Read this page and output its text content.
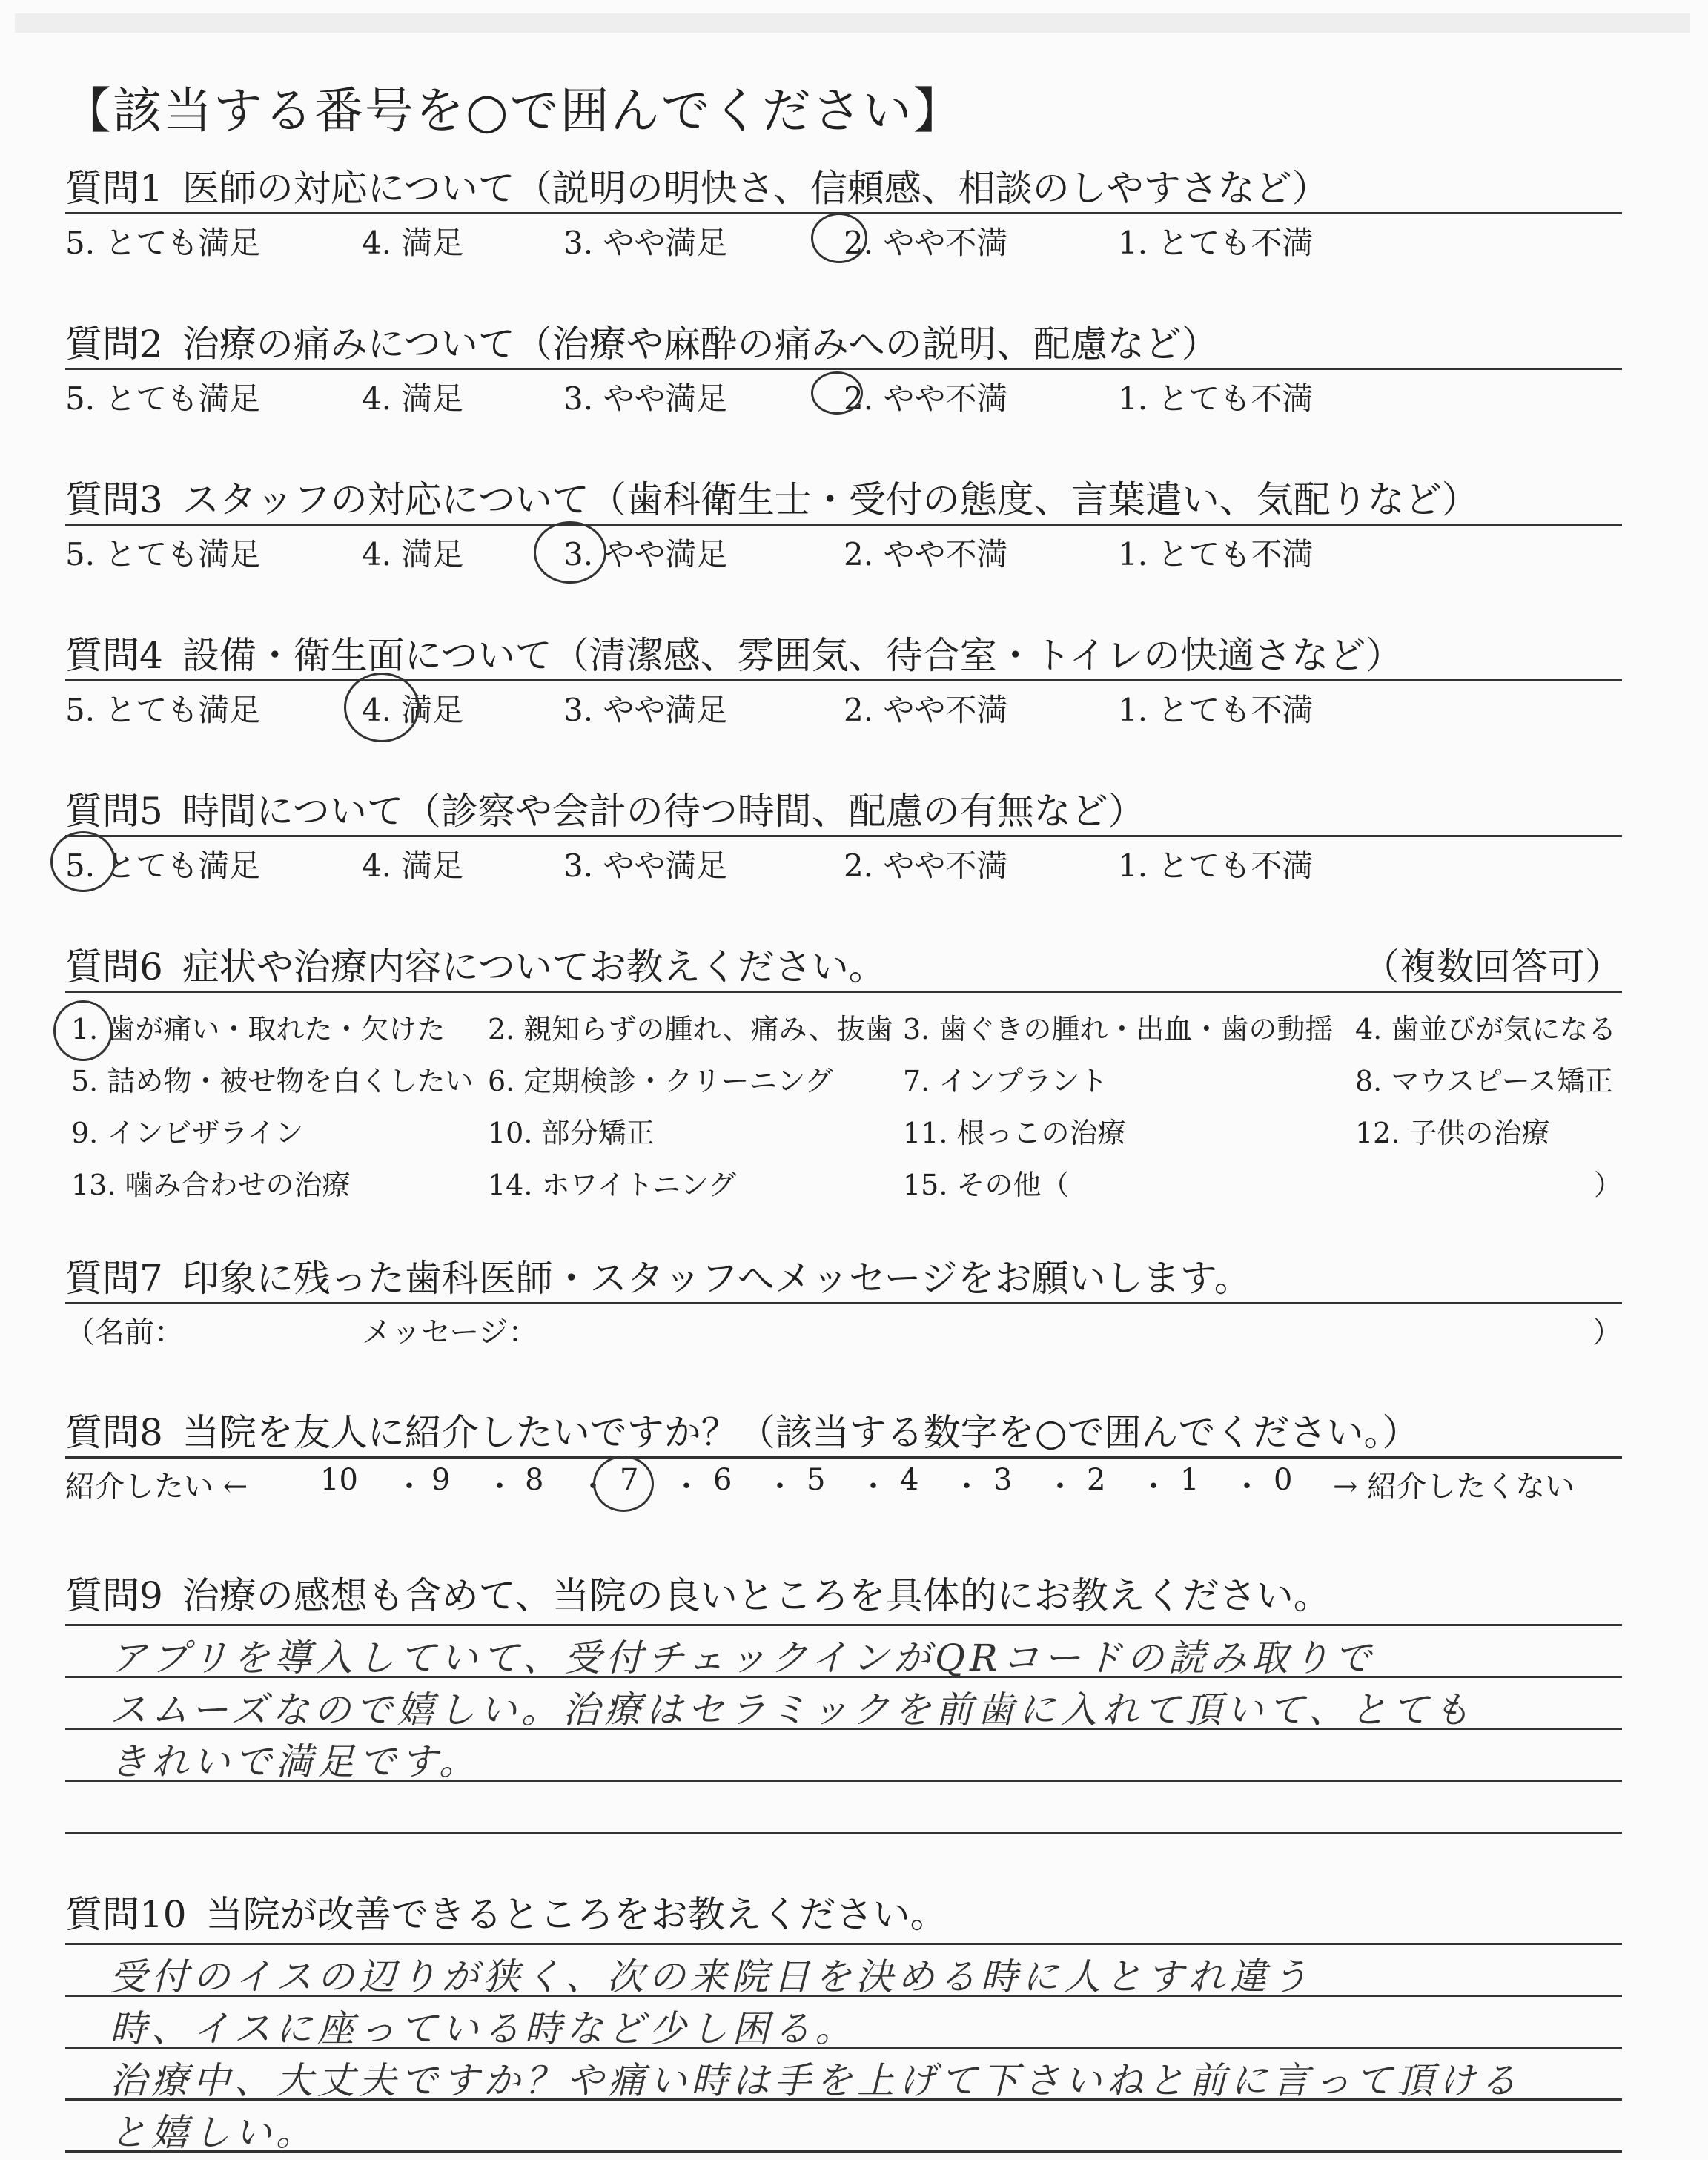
【該当する番号を○で囲んでください】
質問1 医師の対応について（説明の明快さ、信頼感、相談のしやすさなど）
5. とても満足	4. 満足	3. やや満足	2. やや不満	1. とても不満
質問2 治療の痛みについて（治療や麻酔の痛みへの説明、配慮など）
5. とても満足	4. 満足	3. やや満足	2. やや不満	1. とても不満
質問3 スタッフの対応について（歯科衛生士・受付の態度、言葉遣い、気配りなど）
5. とても満足	4. 満足	3. やや満足	2. やや不満	1. とても不満
質問4 設備・衛生面について（清潔感、雰囲気、待合室・トイレの快適さなど）
5. とても満足	4. 満足	3. やや満足	2. やや不満	1. とても不満
質問5 時間について（診察や会計の待つ時間、配慮の有無など）
5. とても満足	4. 満足	3. やや満足	2. やや不満	1. とても不満
質問6 症状や治療内容についてお教えください。	（複数回答可）
1. 歯が痛い・取れた・欠けた 2. 親知らずの腫れ、痛み、抜歯 3. 歯ぐきの腫れ・出血・歯の動揺 4. 歯並びが気になる
5. 詰め物・被せ物を白くしたい 6. 定期検診・クリーニング 7. インプラント	8. マウスピース矯正
9. インビザライン	10. 部分矯正	11. 根っこの治療	12. 子供の治療
13. 噛み合わせの治療	14. ホワイトニング	15. その他（	）
質問7 印象に残った歯科医師・スタッフへメッセージをお願いします。
（名前：	メッセージ：	）
質問8 当院を友人に紹介したいですか？（該当する数字を○で囲んでください。）
紹介したい ← 10 ・ 9 ・ 8 ・ 7 ・ 6 ・ 5 ・ 4 ・ 3 ・ 2 ・ 1 ・ 0 → 紹介したくない
質問9 治療の感想も含めて、当院の良いところを具体的にお教えください。
アプリを導入していて、受付チェックインがQRコードの読み取りで
スムーズなので嬉しい。治療はセラミックを前歯に入れて頂いて、とても
きれいで満足です。
質問10 当院が改善できるところをお教えください。
受付のイスの辺りが狭く、次の来院日を決める時に人とすれ違う
時、イスに座っている時など少し困る。
治療中、大丈夫ですか？や痛い時は手を上げて下さいねと前に言って頂ける
と嬉しい。
